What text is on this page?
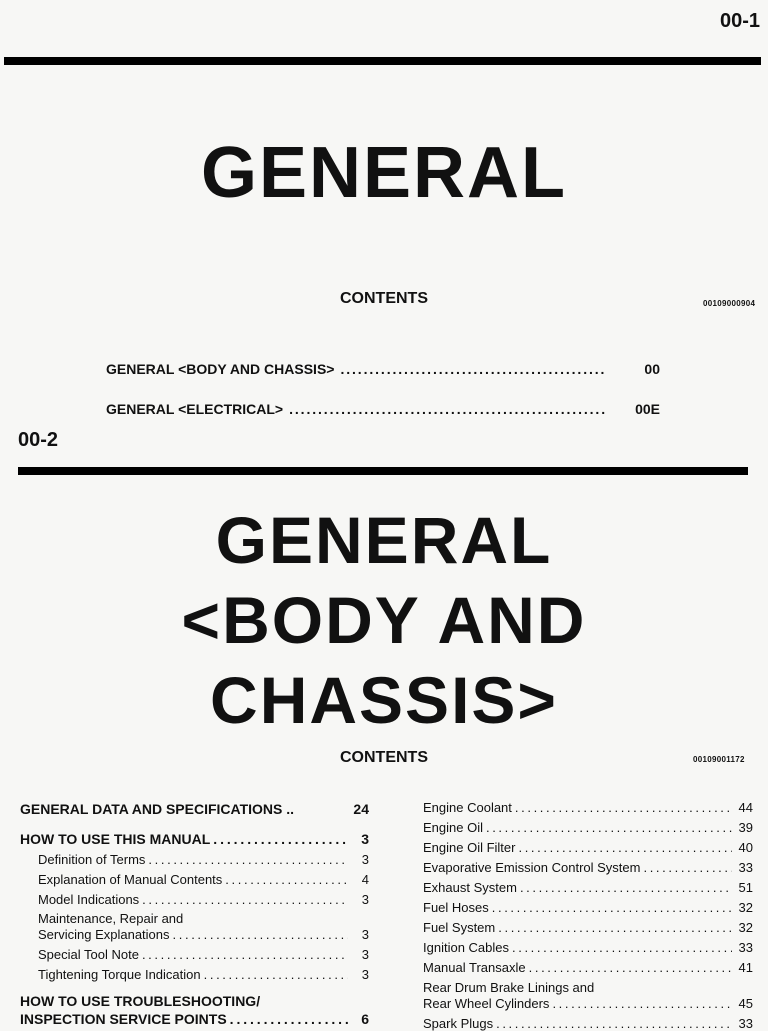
00-1
GENERAL
CONTENTS	00109000904
GENERAL <BODY AND CHASSIS> . . .	00
GENERAL <ELECTRICAL> . . .	00E
00-2
GENERAL
<BODY AND
CHASSIS>
CONTENTS	00109001172
GENERAL DATA AND SPECIFICATIONS ..	24
HOW TO USE THIS MANUAL . . .	3
Definition of Terms . . .	3
Explanation of Manual Contents . . .	4
Model Indications . . .	3
Maintenance, Repair and
Servicing Explanations . . .	3
Special Tool Note . . .	3
Tightening Torque Indication . . .	3
HOW TO USE TROUBLESHOOTING/
INSPECTION SERVICE POINTS . . .	6
Engine Coolant . . .	44
Engine Oil . . .	39
Engine Oil Filter . . .	40
Evaporative Emission Control System . . .	33
Exhaust System . . .	51
Fuel Hoses . . .	32
Fuel System . . .	32
Ignition Cables . . .	33
Manual Transaxle . . .	41
Rear Drum Brake Linings and
Rear Wheel Cylinders . . .	45
Spark Plugs . . .	33
